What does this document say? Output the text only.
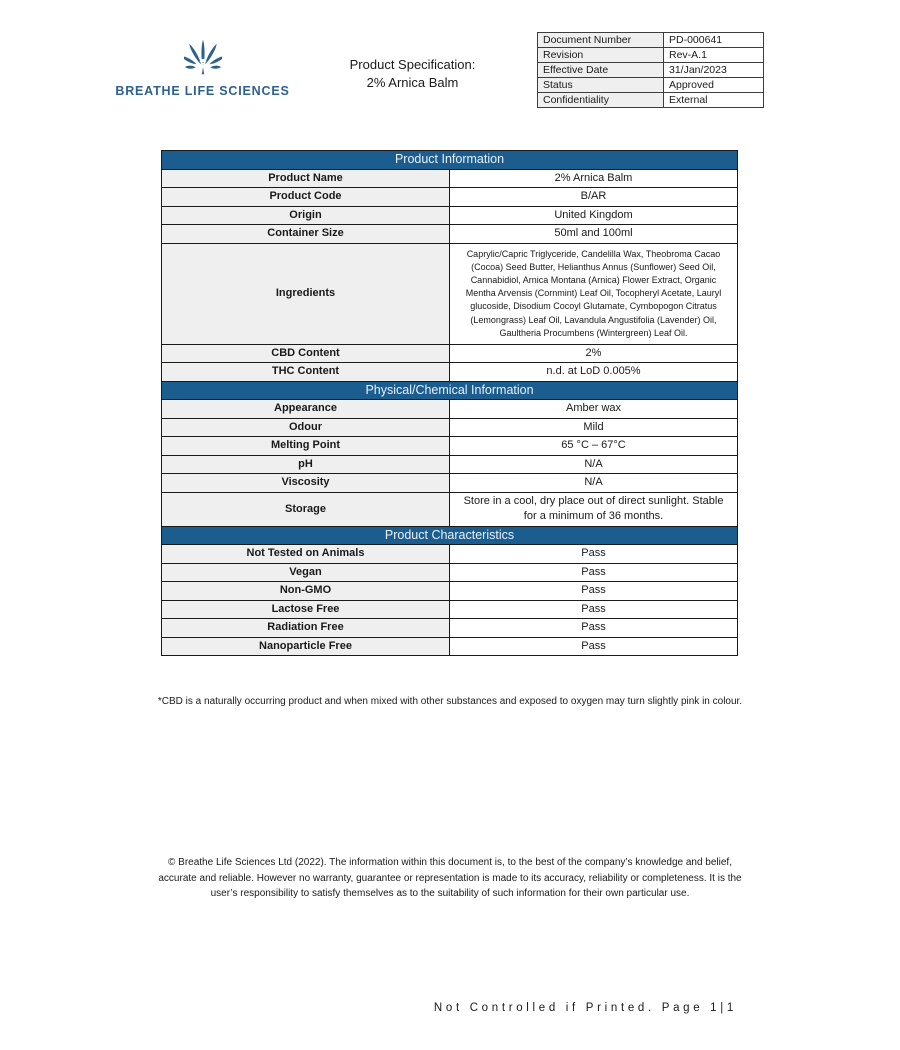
BREATHE LIFE SCIENCES
Product Specification:
2% Arnica Balm
Document Number	PD-000641
Revision	Rev-A.1
Effective Date	31/Jan/2023
Status	Approved
Confidentiality	External
Product Information	
Product Name	2% Arnica Balm
Product Code	B/AR
Origin	United Kingdom
Container Size	50ml and 100ml
Ingredients	Caprylic/Capric Triglyceride, Candelilla Wax, Theobroma Cacao (Cocoa) Seed Butter, Helianthus Annus (Sunflower) Seed Oil, Cannabidiol, Arnica Montana (Arnica) Flower Extract, Organic Mentha Arvensis (Cornmint) Leaf Oil, Tocopheryl Acetate, Lauryl glucoside, Disodium Cocoyl Glutamate, Cymbopogon Citratus (Lemongrass) Leaf Oil, Lavandula Angustifolia (Lavender) Oil, Gaultheria Procumbens (Wintergreen) Leaf Oil.
CBD Content	2%
THC Content	n.d. at LoD 0.005%
Physical/Chemical Information	
Appearance	Amber wax
Odour	Mild
Melting Point	65 °C – 67°C
pH	N/A
Viscosity	N/A
Storage	Store in a cool, dry place out of direct sunlight. Stable for a minimum of 36 months.
Product Characteristics	
Not Tested on Animals	Pass
Vegan	Pass
Non-GMO	Pass
Lactose Free	Pass
Radiation Free	Pass
Nanoparticle Free	Pass
*CBD is a naturally occurring product and when mixed with other substances and exposed to oxygen may turn slightly pink in colour.
© Breathe Life Sciences Ltd (2022). The information within this document is, to the best of the company’s knowledge and belief, accurate and reliable. However no warranty, guarantee or representation is made to its accuracy, reliability or completeness. It is the user’s responsibility to satisfy themselves as to the suitability of such information for their own particular use.
Not Controlled if Printed. Page 1|1
